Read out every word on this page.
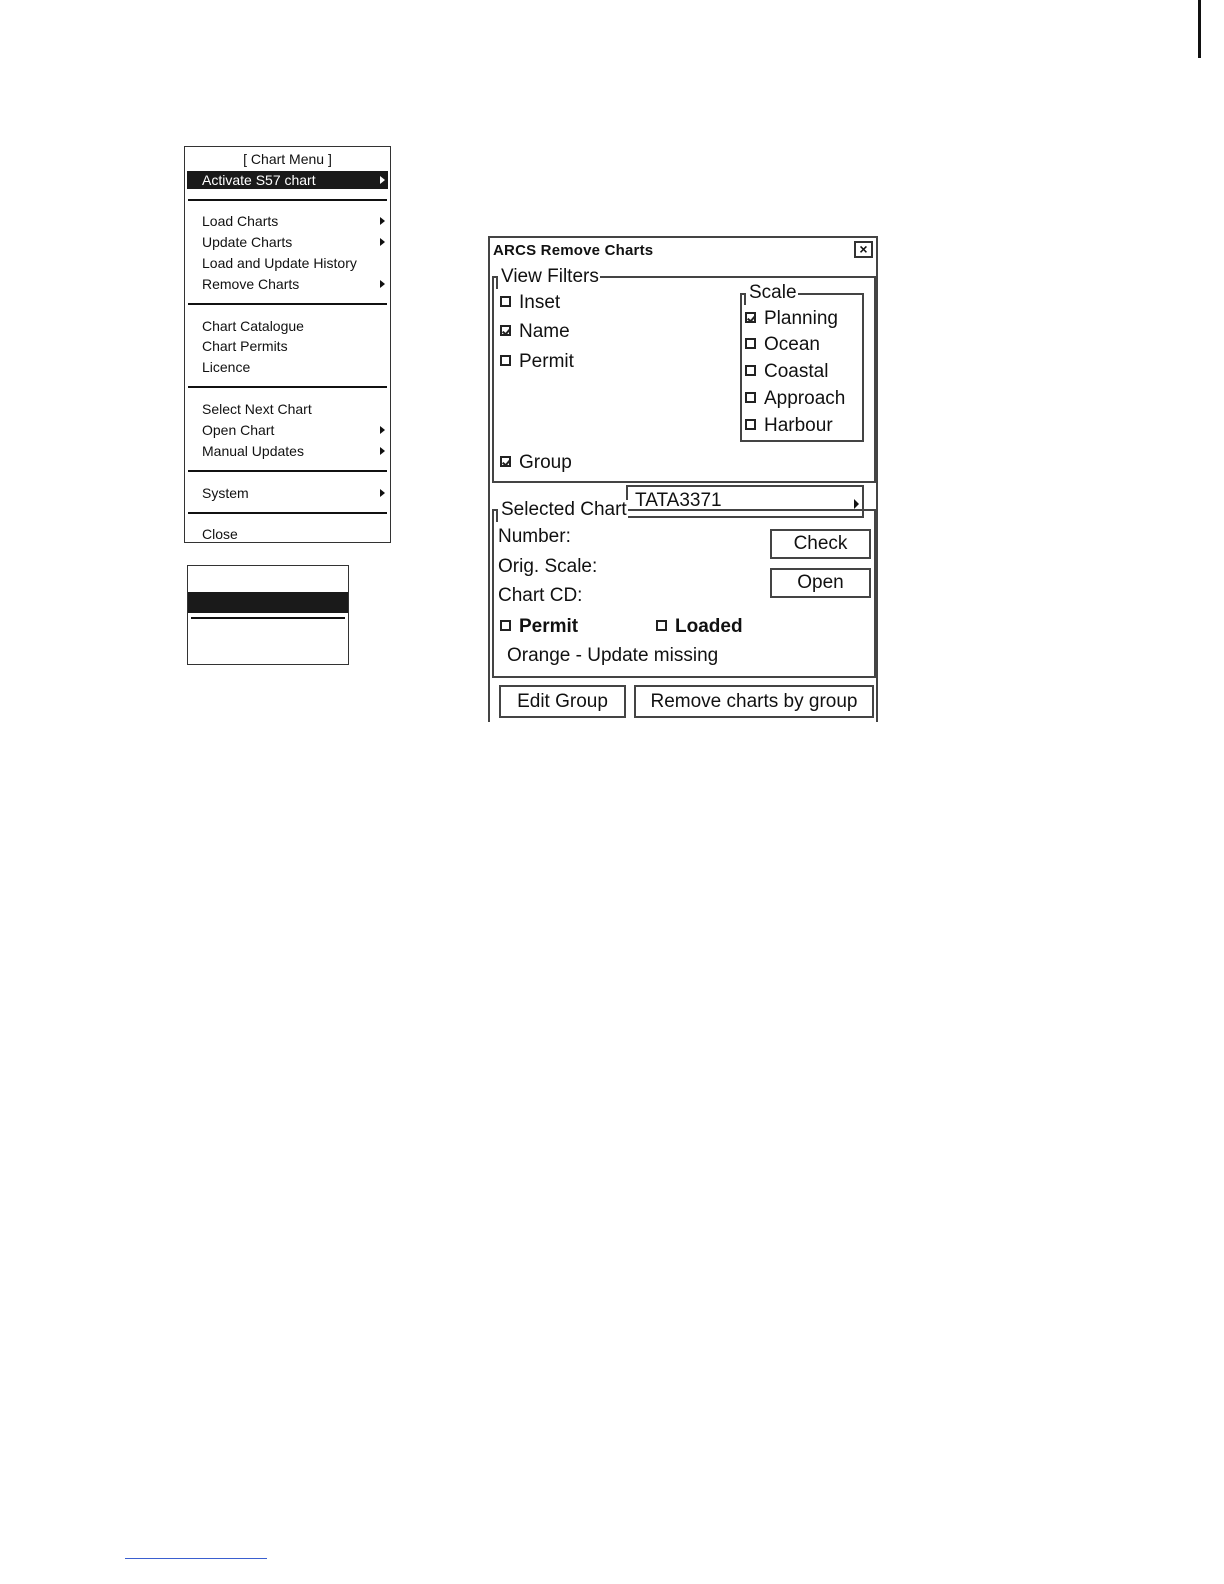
[ Chart Menu ]
Activate S57 chart
Load Charts
Update Charts
Load and Update History
Remove Charts
Chart Catalogue
Chart Permits
Licence
Select Next Chart
Open Chart
Manual Updates
System
Close
ARCS Remove Charts	×
View Filters
Inset
Name
Permit
Group
TATA3371
Scale
Planning
Ocean
Coastal
Approach
Harbour
Selected Chart
Number:
Orig. Scale:
Chart CD:
Check
Open
Permit	Loaded
Orange - Update missing
Edit Group	Remove charts by group
